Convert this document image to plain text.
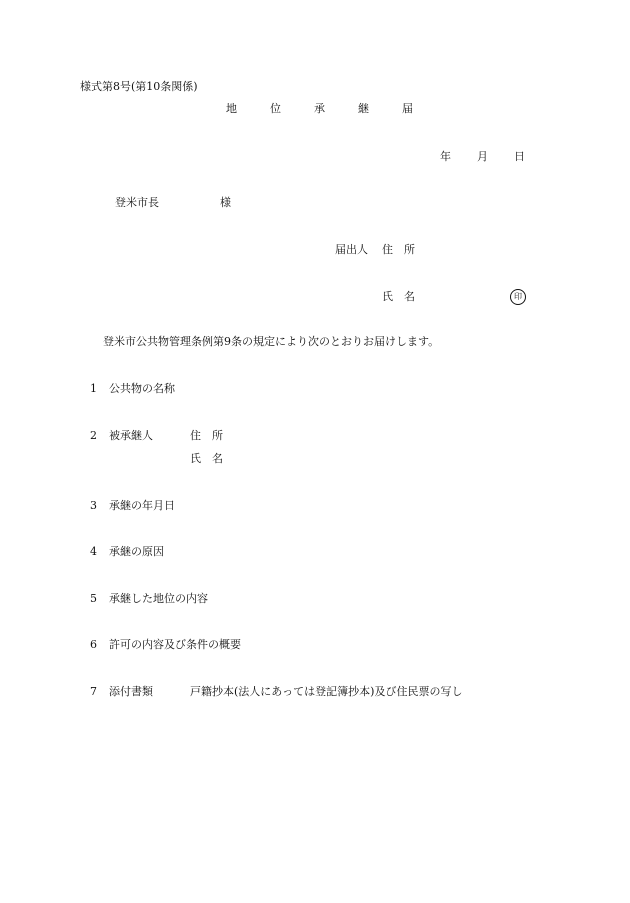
様式第8号(第10条関係)
地	位	承	継	届
年 月 日
登米市長	様
届出人 住　所
氏　名	印
登米市公共物管理条例第9条の規定により次のとおりお届けします。
1 公共物の名称
2 被承継人	住　所
氏　名
3 承継の年月日
4 承継の原因
5 承継した地位の内容
6 許可の内容及び条件の概要
7 添付書類	戸籍抄本(法人にあっては登記簿抄本)及び住民票の写し
